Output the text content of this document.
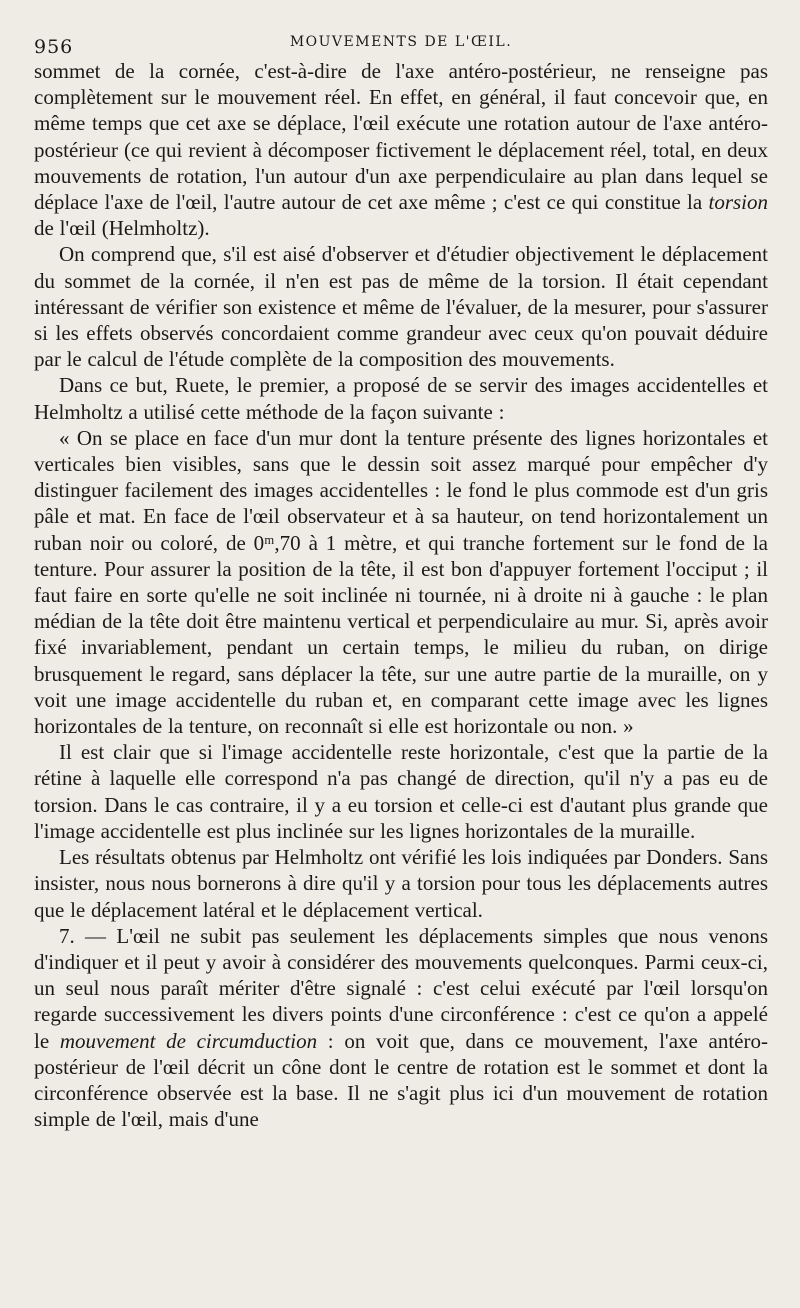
956	MOUVEMENTS DE L'ŒIL.

sommet de la cornée, c'est-à-dire de l'axe antéro-postérieur, ne renseigne pas complètement sur le mouvement réel. En effet, en général, il faut concevoir que, en même temps que cet axe se déplace, l'œil exécute une rotation autour de l'axe antéro-postérieur (ce qui revient à décomposer fictivement le déplacement réel, total, en deux mouvements de rotation, l'un autour d'un axe perpendiculaire au plan dans lequel se déplace l'axe de l'œil, l'autre autour de cet axe même ; c'est ce qui constitue la torsion de l'œil (Helmholtz).

On comprend que, s'il est aisé d'observer et d'étudier objectivement le déplacement du sommet de la cornée, il n'en est pas de même de la torsion. Il était cependant intéressant de vérifier son existence et même de l'évaluer, de la mesurer, pour s'assurer si les effets observés concordaient comme grandeur avec ceux qu'on pouvait déduire par le calcul de l'étude complète de la composition des mouvements.

Dans ce but, Ruete, le premier, a proposé de se servir des images accidentelles et Helmholtz a utilisé cette méthode de la façon suivante :

« On se place en face d'un mur dont la tenture présente des lignes horizontales et verticales bien visibles, sans que le dessin soit assez marqué pour empêcher d'y distinguer facilement des images accidentelles : le fond le plus commode est d'un gris pâle et mat. En face de l'œil observateur et à sa hauteur, on tend horizontalement un ruban noir ou coloré, de 0ᵐ,70 à 1 mètre, et qui tranche fortement sur le fond de la tenture. Pour assurer la position de la tête, il est bon d'appuyer fortement l'occiput ; il faut faire en sorte qu'elle ne soit inclinée ni tournée, ni à droite ni à gauche : le plan médian de la tête doit être maintenu vertical et perpendiculaire au mur. Si, après avoir fixé invariablement, pendant un certain temps, le milieu du ruban, on dirige brusquement le regard, sans déplacer la tête, sur une autre partie de la muraille, on y voit une image accidentelle du ruban et, en comparant cette image avec les lignes horizontales de la tenture, on reconnaît si elle est horizontale ou non. »

Il est clair que si l'image accidentelle reste horizontale, c'est que la partie de la rétine à laquelle elle correspond n'a pas changé de direction, qu'il n'y a pas eu de torsion. Dans le cas contraire, il y a eu torsion et celle-ci est d'autant plus grande que l'image accidentelle est plus inclinée sur les lignes horizontales de la muraille.

Les résultats obtenus par Helmholtz ont vérifié les lois indiquées par Donders. Sans insister, nous nous bornerons à dire qu'il y a torsion pour tous les déplacements autres que le déplacement latéral et le déplacement vertical.

7. — L'œil ne subit pas seulement les déplacements simples que nous venons d'indiquer et il peut y avoir à considérer des mouvements quelconques. Parmi ceux-ci, un seul nous paraît mériter d'être signalé : c'est celui exécuté par l'œil lorsqu'on regarde successivement les divers points d'une circonférence : c'est ce qu'on a appelé le mouvement de circumduction : on voit que, dans ce mouvement, l'axe antéro-postérieur de l'œil décrit un cône dont le centre de rotation est le sommet et dont la circonférence observée est la base. Il ne s'agit plus ici d'un mouvement de rotation simple de l'œil, mais d'une
